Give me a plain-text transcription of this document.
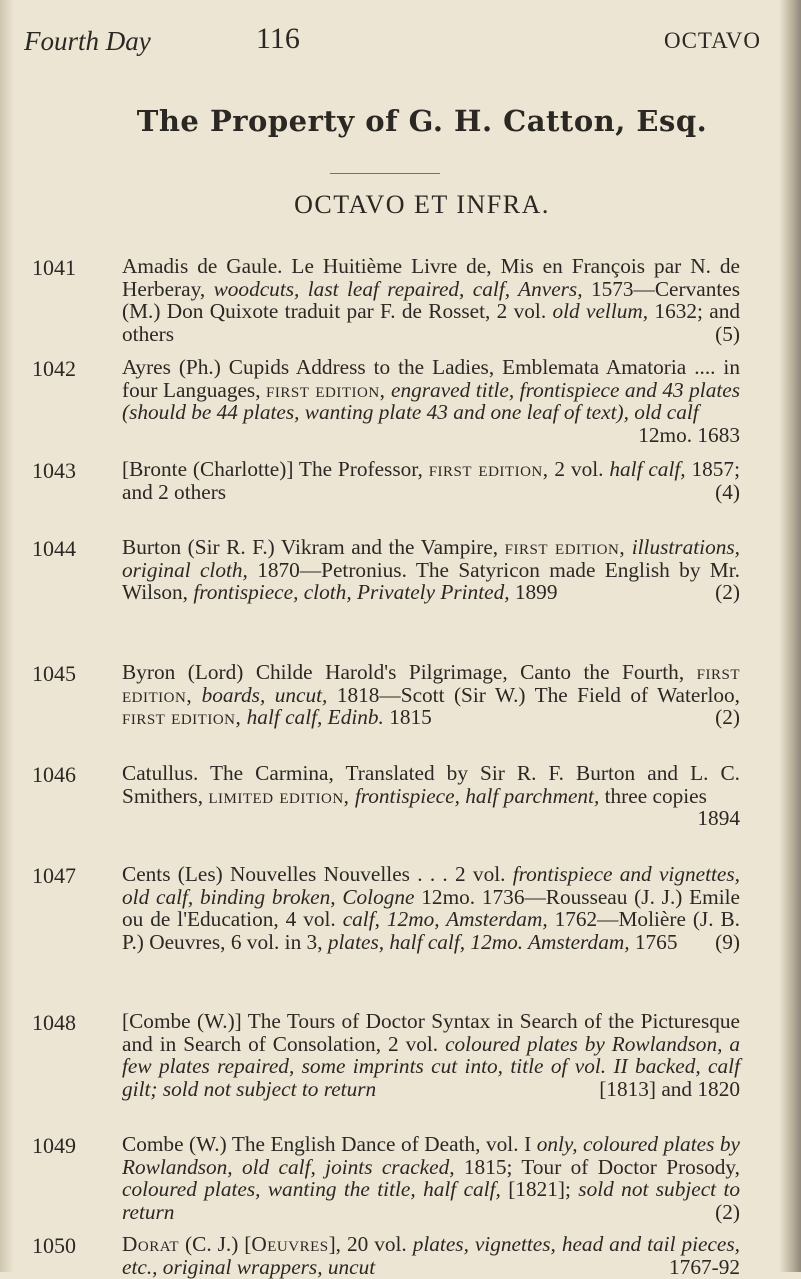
Fourth Day	116	OCTAVO
The Property of G. H. Catton, Esq.
OCTAVO ET INFRA.
1041 Amadis de Gaule. Le Huitième Livre de, Mis en François par N. de Herberay, woodcuts, last leaf repaired, calf, Anvers, 1573—Cervantes (M.) Don Quixote traduit par F. de Rosset, 2 vol. old vellum, 1632; and others	(5)
1042 Ayres (Ph.) Cupids Address to the Ladies, Emblemata Amatoria .... in four Languages, first edition, engraved title, frontispiece and 43 plates (should be 44 plates, wanting plate 43 and one leaf of text), old calf
12mo. 1683
1043 [Bronte (Charlotte)] The Professor, first edition, 2 vol. half calf, 1857; and 2 others	(4)
1044 Burton (Sir R. F.) Vikram and the Vampire, first edition, illustrations, original cloth, 1870—Petronius. The Satyricon made English by Mr. Wilson, frontispiece, cloth, Privately Printed, 1899	(2)
1045 Byron (Lord) Childe Harold's Pilgrimage, Canto the Fourth, first edition, boards, uncut, 1818—Scott (Sir W.) The Field of Waterloo, first edition, half calf, Edinb. 1815	(2)
1046 Catullus. The Carmina, Translated by Sir R. F. Burton and L. C. Smithers, limited edition, frontispiece, half parchment, three copies
1894
1047 Cents (Les) Nouvelles Nouvelles . . . 2 vol. frontispiece and vignettes, old calf, binding broken, Cologne 12mo. 1736—Rousseau (J. J.) Emile ou de l'Education, 4 vol. calf, 12mo, Amsterdam, 1762—Molière (J. B. P.) Oeuvres, 6 vol. in 3, plates, half calf, 12mo. Amsterdam, 1765 (9)
1048 [Combe (W.)] The Tours of Doctor Syntax in Search of the Picturesque and in Search of Consolation, 2 vol. coloured plates by Rowlandson, a few plates repaired, some imprints cut into, title of vol. II backed, calf gilt; sold not subject to return	[1813] and 1820
1049 Combe (W.) The English Dance of Death, vol. I only, coloured plates by Rowlandson, old calf, joints cracked, 1815; Tour of Doctor Prosody, coloured plates, wanting the title, half calf, [1821]; sold not subject to return	(2)
1050 Dorat (C. J.) [Oeuvres], 20 vol. plates, vignettes, head and tail pieces, etc., original wrappers, uncut	1767-92
